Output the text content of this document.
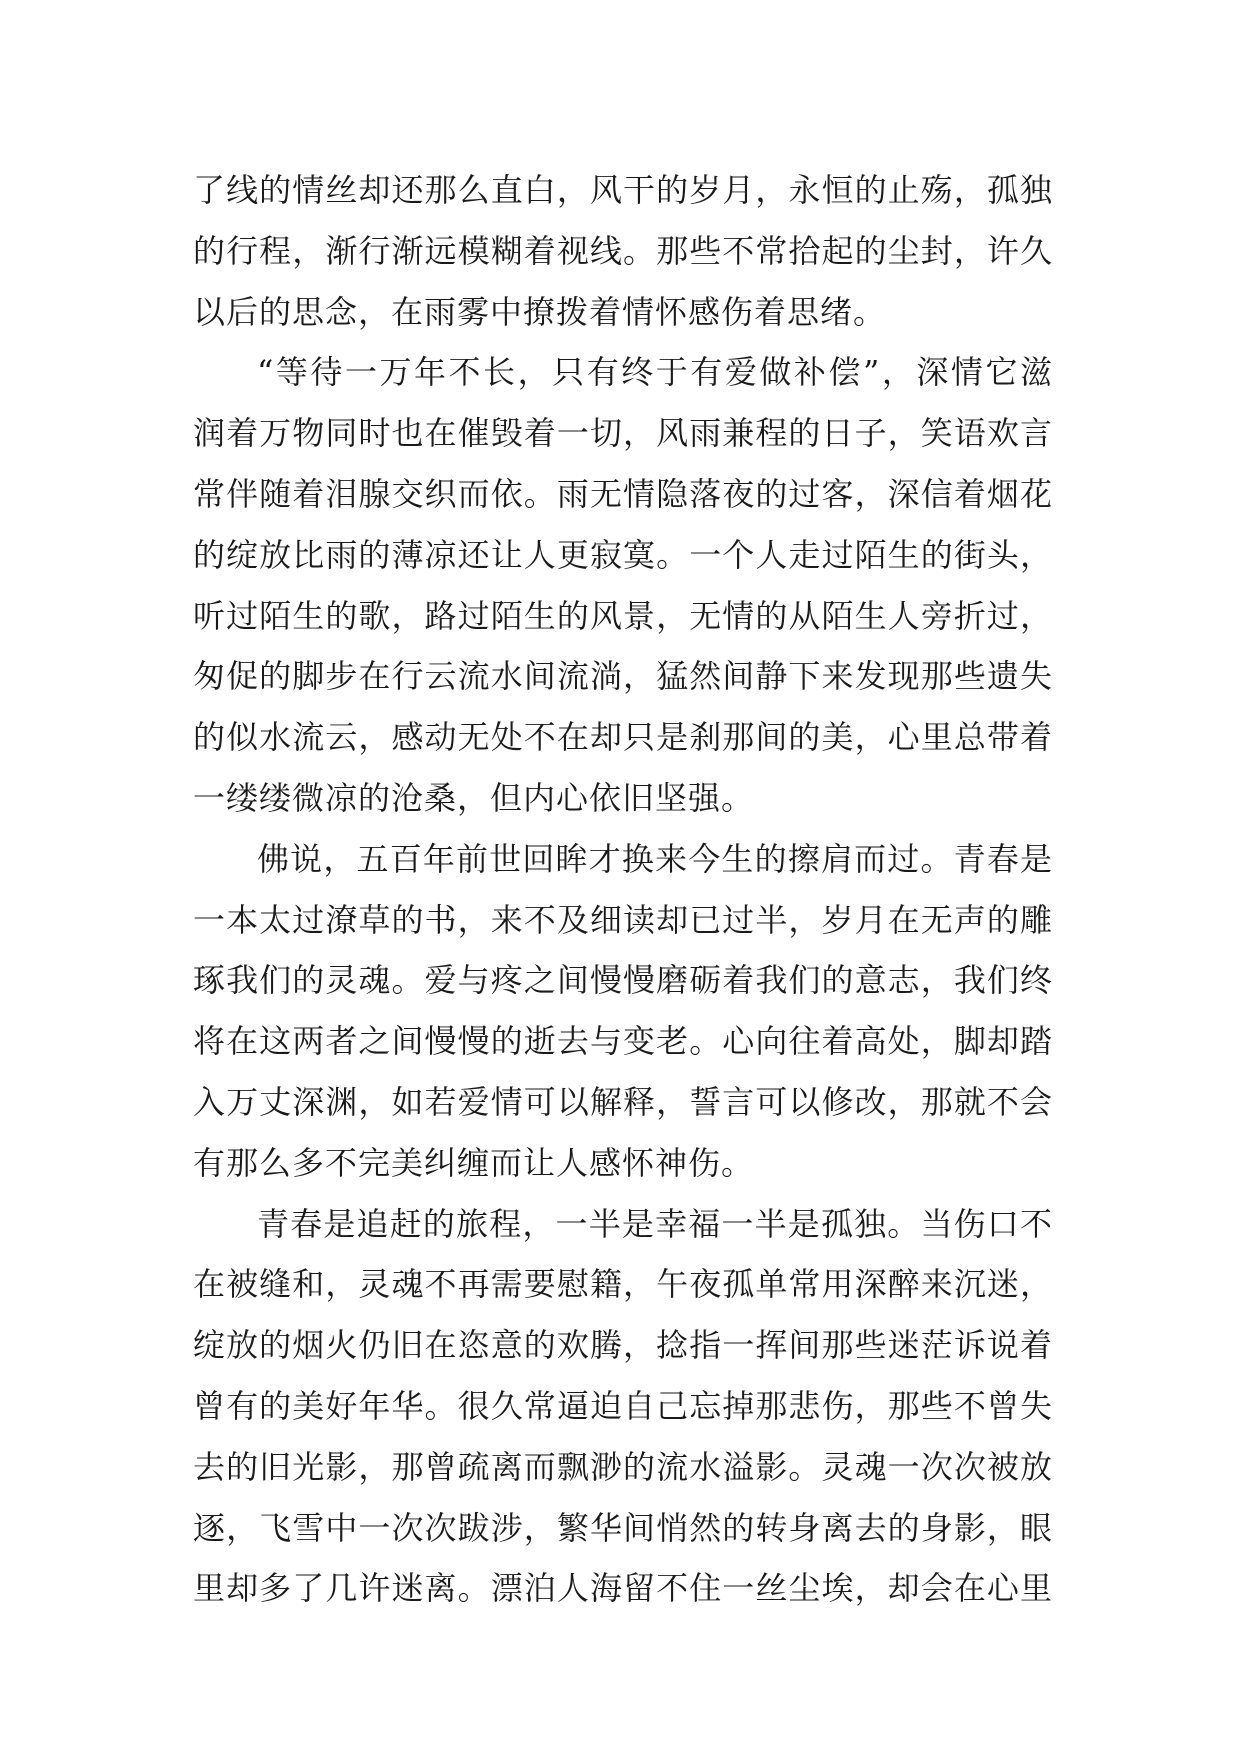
了线的情丝却还那么直白，风干的岁月，永恒的止殇，孤独
的行程，渐行渐远模糊着视线。那些不常拾起的尘封，许久
以后的思念，在雨雾中撩拨着情怀感伤着思绪。
“等待一万年不长，只有终于有爱做补偿”，深情它滋
润着万物同时也在催毁着一切，风雨兼程的日子，笑语欢言
常伴随着泪腺交织而依。雨无情隐落夜的过客，深信着烟花
的绽放比雨的薄凉还让人更寂寞。一个人走过陌生的街头，
听过陌生的歌，路过陌生的风景，无情的从陌生人旁折过，
匆促的脚步在行云流水间流淌，猛然间静下来发现那些遗失
的似水流云，感动无处不在却只是刹那间的美，心里总带着
一缕缕微凉的沧桑，但内心依旧坚强。
佛说，五百年前世回眸才换来今生的擦肩而过。青春是
一本太过潦草的书，来不及细读却已过半，岁月在无声的雕
琢我们的灵魂。爱与疼之间慢慢磨砺着我们的意志，我们终
将在这两者之间慢慢的逝去与变老。心向往着高处，脚却踏
入万丈深渊，如若爱情可以解释，誓言可以修改，那就不会
有那么多不完美纠缠而让人感怀神伤。
青春是追赶的旅程，一半是幸福一半是孤独。当伤口不
在被缝和，灵魂不再需要慰籍，午夜孤单常用深醉来沉迷，
绽放的烟火仍旧在恣意的欢腾，捻指一挥间那些迷茫诉说着
曾有的美好年华。很久常逼迫自己忘掉那悲伤，那些不曾失
去的旧光影，那曾疏离而飘渺的流水溢影。灵魂一次次被放
逐，飞雪中一次次跋涉，繁华间悄然的转身离去的身影，眼
里却多了几许迷离。漂泊人海留不住一丝尘埃，却会在心里
